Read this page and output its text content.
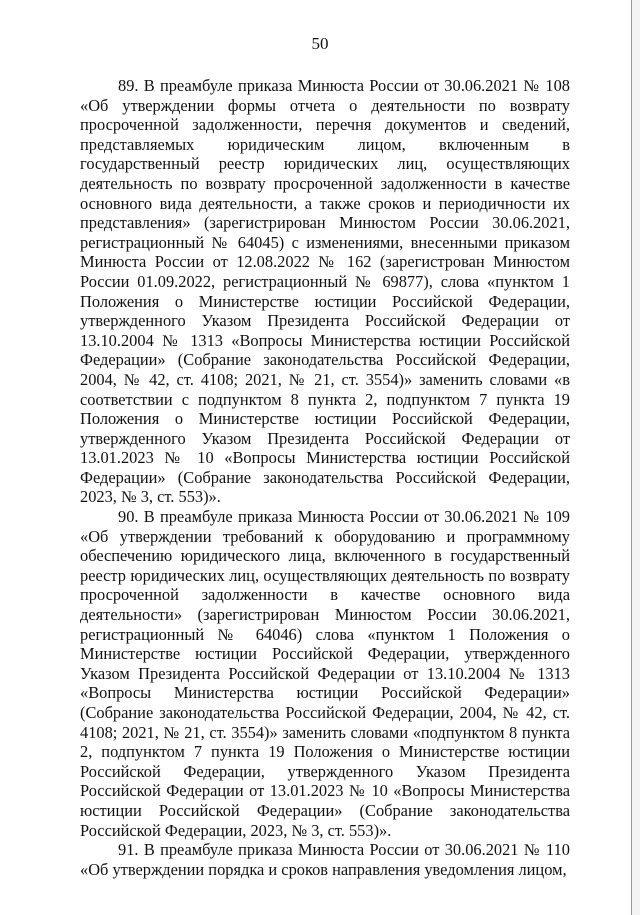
50

89. В преамбуле приказа Минюста России от 30.06.2021 № 108 «Об утверждении формы отчета о деятельности по возврату просроченной задолженности, перечня документов и сведений, представляемых юридическим лицом, включенным в государственный реестр юридических лиц, осуществляющих деятельность по возврату просроченной задолженности в качестве основного вида деятельности, а также сроков и периодичности их представления» (зарегистрирован Минюстом России 30.06.2021, регистрационный № 64045) с изменениями, внесенными приказом Минюста России от 12.08.2022 № 162 (зарегистрован Минюстом России 01.09.2022, регистрационный № 69877), слова «пунктом 1 Положения о Министерстве юстиции Российской Федерации, утвержденного Указом Президента Российской Федерации от 13.10.2004 № 1313 «Вопросы Министерства юстиции Российской Федерации» (Собрание законодательства Российской Федерации, 2004, № 42, ст. 4108; 2021, № 21, ст. 3554)» заменить словами «в соответствии с подпунктом 8 пункта 2, подпунктом 7 пункта 19 Положения о Министерстве юстиции Российской Федерации, утвержденного Указом Президента Российской Федерации от 13.01.2023 № 10 «Вопросы Министерства юстиции Российской Федерации» (Собрание законодательства Российской Федерации, 2023, № 3, ст. 553)».

90. В преамбуле приказа Минюста России от 30.06.2021 № 109 «Об утверждении требований к оборудованию и программному обеспечению юридического лица, включенного в государственный реестр юридических лиц, осуществляющих деятельность по возврату просроченной задолженности в качестве основного вида деятельности» (зарегистрирован Минюстом России 30.06.2021, регистрационный № 64046) слова «пунктом 1 Положения о Министерстве юстиции Российской Федерации, утвержденного Указом Президента Российской Федерации от 13.10.2004 № 1313 «Вопросы Министерства юстиции Российской Федерации» (Собрание законодательства Российской Федерации, 2004, № 42, ст. 4108; 2021, № 21, ст. 3554)» заменить словами «подпунктом 8 пункта 2, подпунктом 7 пункта 19 Положения о Министерстве юстиции Российской Федерации, утвержденного Указом Президента Российской Федерации от 13.01.2023 № 10 «Вопросы Министерства юстиции Российской Федерации» (Собрание законодательства Российской Федерации, 2023, № 3, ст. 553)».

91. В преамбуле приказа Минюста России от 30.06.2021 № 110 «Об утверждении порядка и сроков направления уведомления лицом,
